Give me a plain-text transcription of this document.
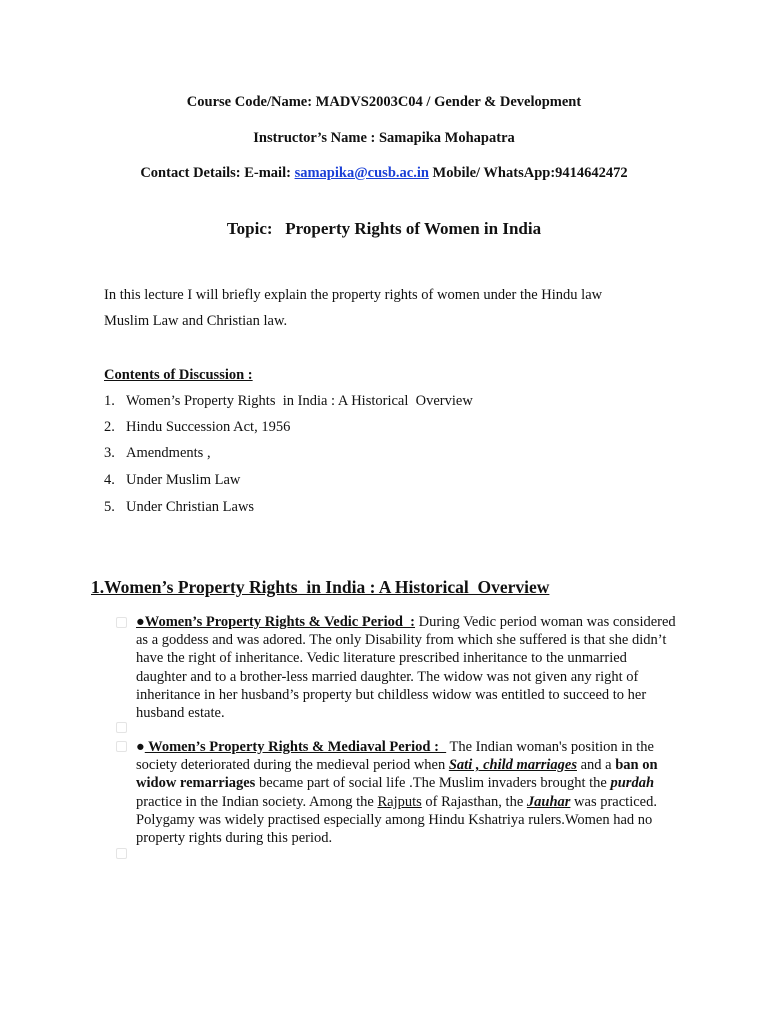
Course Code/Name: MADVS2003C04 / Gender & Development
Instructor’s Name : Samapika Mohapatra
Contact Details: E-mail: samapika@cusb.ac.in Mobile/ WhatsApp:9414642472
Topic:   Property Rights of Women in India
In this lecture I will briefly explain the property rights of women under the Hindu law
Muslim Law and Christian law.
Contents of Discussion :
1. Women’s Property Rights  in India : A Historical  Overview
2. Hindu Succession Act, 1956
3. Amendments ,
4. Under Muslim Law
5. Under Christian Laws
1.Women’s Property Rights  in India : A Historical  Overview
●Women’s Property Rights & Vedic Period  : During Vedic period woman was considered as a goddess and was adored. The only Disability from which she suffered is that she didn’t have the right of inheritance. Vedic literature prescribed inheritance to the unmarried daughter and to a brother-less married daughter. The widow was not given any right of inheritance in her husband’s property but childless widow was entitled to succeed to her husband estate.
● Women’s Property Rights & Mediaval Period :   The Indian woman's position in the society deteriorated during the medieval period when Sati , child marriages and a ban on widow remarriages became part of social life .The Muslim invaders brought the purdah practice in the Indian society. Among the Rajputs of Rajasthan, the Jauhar was practiced. Polygamy was widely practised especially among Hindu Kshatriya rulers.Women had no property rights during this period.
